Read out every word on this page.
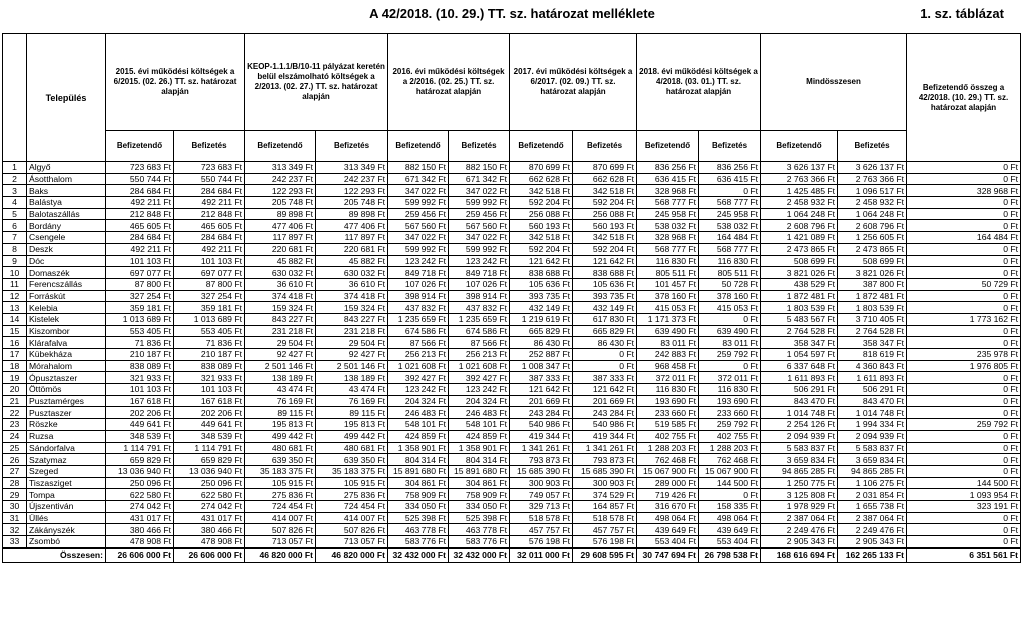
A 42/2018. (10. 29.) TT. sz. határozat melléklete	1. sz. táblázat
	Település	2015. évi működési költségek a 6/2015. (02. 26.) TT. sz. határozat alapján		KEOP-1.1.1/B/10-11 pályázat keretén belül elszámolható költségek a 2/2013. (02. 27.) TT. sz. határozat alapján		2016. évi működési költségek a 2/2016. (02. 25.) TT. sz. határozat alapján		2017. évi működési költségek a 6/2017. (02. 09.) TT. sz. határozat alapján		2018. évi működési költségek a 4/2018. (03. 01.) TT. sz. határozat alapján		Mindösszesen		Befizetendő összeg a 42/2018. (10. 29.) TT. sz. határozat alapján
		Befizetendő	Befizetés	Befizetendő	Befizetés	Befizetendő	Befizetés	Befizetendő	Befizetés	Befizetendő	Befizetés	Befizetendő	Befizetés	
1	Algyő	723 683 Ft	723 683 Ft	313 349 Ft	313 349 Ft	882 150 Ft	882 150 Ft	870 699 Ft	870 699 Ft	836 256 Ft	836 256 Ft	3 626 137 Ft	3 626 137 Ft	0 Ft
2	Ásotthalom	550 744 Ft	550 744 Ft	242 237 Ft	242 237 Ft	671 342 Ft	671 342 Ft	662 628 Ft	662 628 Ft	636 415 Ft	636 415 Ft	2 763 366 Ft	2 763 366 Ft	0 Ft
3	Baks	284 684 Ft	284 684 Ft	122 293 Ft	122 293 Ft	347 022 Ft	347 022 Ft	342 518 Ft	342 518 Ft	328 968 Ft	0 Ft	1 425 485 Ft	1 096 517 Ft	328 968 Ft
4	Balástya	492 211 Ft	492 211 Ft	205 748 Ft	205 748 Ft	599 992 Ft	599 992 Ft	592 204 Ft	592 204 Ft	568 777 Ft	568 777 Ft	2 458 932 Ft	2 458 932 Ft	0 Ft
5	Balotaszállás	212 848 Ft	212 848 Ft	89 898 Ft	89 898 Ft	259 456 Ft	259 456 Ft	256 088 Ft	256 088 Ft	245 958 Ft	245 958 Ft	1 064 248 Ft	1 064 248 Ft	0 Ft
6	Bordány	465 605 Ft	465 605 Ft	477 406 Ft	477 406 Ft	567 560 Ft	567 560 Ft	560 193 Ft	560 193 Ft	538 032 Ft	538 032 Ft	2 608 796 Ft	2 608 796 Ft	0 Ft
7	Csengele	284 684 Ft	284 684 Ft	117 897 Ft	117 897 Ft	347 022 Ft	347 022 Ft	342 518 Ft	342 518 Ft	328 968 Ft	164 484 Ft	1 421 089 Ft	1 256 605 Ft	164 484 Ft
8	Deszk	492 211 Ft	492 211 Ft	220 681 Ft	220 681 Ft	599 992 Ft	599 992 Ft	592 204 Ft	592 204 Ft	568 777 Ft	568 777 Ft	2 473 865 Ft	2 473 865 Ft	0 Ft
9	Dóc	101 103 Ft	101 103 Ft	45 882 Ft	45 882 Ft	123 242 Ft	123 242 Ft	121 642 Ft	121 642 Ft	116 830 Ft	116 830 Ft	508 699 Ft	508 699 Ft	0 Ft
10	Domaszék	697 077 Ft	697 077 Ft	630 032 Ft	630 032 Ft	849 718 Ft	849 718 Ft	838 688 Ft	838 688 Ft	805 511 Ft	805 511 Ft	3 821 026 Ft	3 821 026 Ft	0 Ft
11	Ferencszállás	87 800 Ft	87 800 Ft	36 610 Ft	36 610 Ft	107 026 Ft	107 026 Ft	105 636 Ft	105 636 Ft	101 457 Ft	50 728 Ft	438 529 Ft	387 800 Ft	50 729 Ft
12	Forráskút	327 254 Ft	327 254 Ft	374 418 Ft	374 418 Ft	398 914 Ft	398 914 Ft	393 735 Ft	393 735 Ft	378 160 Ft	378 160 Ft	1 872 481 Ft	1 872 481 Ft	0 Ft
13	Kelebia	359 181 Ft	359 181 Ft	159 324 Ft	159 324 Ft	437 832 Ft	437 832 Ft	432 149 Ft	432 149 Ft	415 053 Ft	415 053 Ft	1 803 539 Ft	1 803 539 Ft	0 Ft
14	Kistelek	1 013 689 Ft	1 013 689 Ft	843 227 Ft	843 227 Ft	1 235 659 Ft	1 235 659 Ft	1 219 619 Ft	617 830 Ft	1 171 373 Ft	0 Ft	5 483 567 Ft	3 710 405 Ft	1 773 162 Ft
15	Kiszombor	553 405 Ft	553 405 Ft	231 218 Ft	231 218 Ft	674 586 Ft	674 586 Ft	665 829 Ft	665 829 Ft	639 490 Ft	639 490 Ft	2 764 528 Ft	2 764 528 Ft	0 Ft
16	Klárafalva	71 836 Ft	71 836 Ft	29 504 Ft	29 504 Ft	87 566 Ft	87 566 Ft	86 430 Ft	86 430 Ft	83 011 Ft	83 011 Ft	358 347 Ft	358 347 Ft	0 Ft
17	Kübekháza	210 187 Ft	210 187 Ft	92 427 Ft	92 427 Ft	256 213 Ft	256 213 Ft	252 887 Ft	0 Ft	242 883 Ft	259 792 Ft	1 054 597 Ft	818 619 Ft	235 978 Ft
18	Mórahalom	838 089 Ft	838 089 Ft	2 501 146 Ft	2 501 146 Ft	1 021 608 Ft	1 021 608 Ft	1 008 347 Ft	0 Ft	968 458 Ft	0 Ft	6 337 648 Ft	4 360 843 Ft	1 976 805 Ft
19	Ópusztaszer	321 933 Ft	321 933 Ft	138 189 Ft	138 189 Ft	392 427 Ft	392 427 Ft	387 333 Ft	387 333 Ft	372 011 Ft	372 011 Ft	1 611 893 Ft	1 611 893 Ft	0 Ft
20	Öttömös	101 103 Ft	101 103 Ft	43 474 Ft	43 474 Ft	123 242 Ft	123 242 Ft	121 642 Ft	121 642 Ft	116 830 Ft	116 830 Ft	506 291 Ft	506 291 Ft	0 Ft
21	Pusztamérges	167 618 Ft	167 618 Ft	76 169 Ft	76 169 Ft	204 324 Ft	204 324 Ft	201 669 Ft	201 669 Ft	193 690 Ft	193 690 Ft	843 470 Ft	843 470 Ft	0 Ft
22	Pusztaszer	202 206 Ft	202 206 Ft	89 115 Ft	89 115 Ft	246 483 Ft	246 483 Ft	243 284 Ft	243 284 Ft	233 660 Ft	233 660 Ft	1 014 748 Ft	1 014 748 Ft	0 Ft
23	Röszke	449 641 Ft	449 641 Ft	195 813 Ft	195 813 Ft	548 101 Ft	548 101 Ft	540 986 Ft	540 986 Ft	519 585 Ft	259 792 Ft	2 254 126 Ft	1 994 334 Ft	259 792 Ft
24	Ruzsa	348 539 Ft	348 539 Ft	499 442 Ft	499 442 Ft	424 859 Ft	424 859 Ft	419 344 Ft	419 344 Ft	402 755 Ft	402 755 Ft	2 094 939 Ft	2 094 939 Ft	0 Ft
25	Sándorfalva	1 114 791 Ft	1 114 791 Ft	480 681 Ft	480 681 Ft	1 358 901 Ft	1 358 901 Ft	1 341 261 Ft	1 341 261 Ft	1 288 203 Ft	1 288 203 Ft	5 583 837 Ft	5 583 837 Ft	0 Ft
26	Szatymaz	659 829 Ft	659 829 Ft	639 350 Ft	639 350 Ft	804 314 Ft	804 314 Ft	793 873 Ft	793 873 Ft	762 468 Ft	762 468 Ft	3 659 834 Ft	3 659 834 Ft	0 Ft
27	Szeged	13 036 940 Ft	13 036 940 Ft	35 183 375 Ft	35 183 375 Ft	15 891 680 Ft	15 891 680 Ft	15 685 390 Ft	15 685 390 Ft	15 067 900 Ft	15 067 900 Ft	94 865 285 Ft	94 865 285 Ft	0 Ft
28	Tiszasziget	250 096 Ft	250 096 Ft	105 915 Ft	105 915 Ft	304 861 Ft	304 861 Ft	300 903 Ft	300 903 Ft	289 000 Ft	144 500 Ft	1 250 775 Ft	1 106 275 Ft	144 500 Ft
29	Tompa	622 580 Ft	622 580 Ft	275 836 Ft	275 836 Ft	758 909 Ft	758 909 Ft	749 057 Ft	374 529 Ft	719 426 Ft	0 Ft	3 125 808 Ft	2 031 854 Ft	1 093 954 Ft
30	Újszentiván	274 042 Ft	274 042 Ft	724 454 Ft	724 454 Ft	334 050 Ft	334 050 Ft	329 713 Ft	164 857 Ft	316 670 Ft	158 335 Ft	1 978 929 Ft	1 655 738 Ft	323 191 Ft
31	Üllés	431 017 Ft	431 017 Ft	414 007 Ft	414 007 Ft	525 398 Ft	525 398 Ft	518 578 Ft	518 578 Ft	498 064 Ft	498 064 Ft	2 387 064 Ft	2 387 064 Ft	0 Ft
32	Zákányszék	380 466 Ft	380 466 Ft	507 826 Ft	507 826 Ft	463 778 Ft	463 778 Ft	457 757 Ft	457 757 Ft	439 649 Ft	439 649 Ft	2 249 476 Ft	2 249 476 Ft	0 Ft
33	Zsombó	478 908 Ft	478 908 Ft	713 057 Ft	713 057 Ft	583 776 Ft	583 776 Ft	576 198 Ft	576 198 Ft	553 404 Ft	553 404 Ft	2 905 343 Ft	2 905 343 Ft	0 Ft
Összesen:		26 606 000 Ft	26 606 000 Ft	46 820 000 Ft	46 820 000 Ft	32 432 000 Ft	32 432 000 Ft	32 011 000 Ft	29 608 595 Ft	30 747 694 Ft	26 798 538 Ft	168 616 694 Ft	162 265 133 Ft	6 351 561 Ft
